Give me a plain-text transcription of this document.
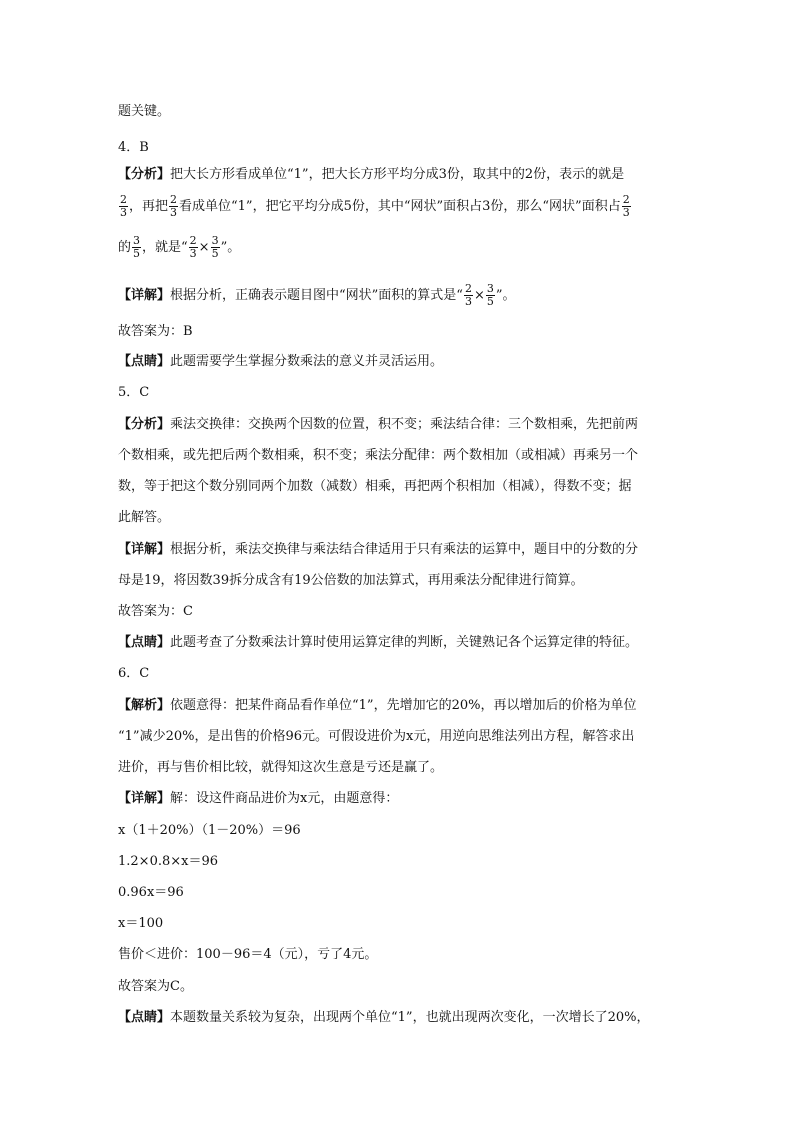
题关键。
4．B
【分析】把大长方形看成单位“1”，把大长方形平均分成3份，取其中的2份，表示的就是
$\frac{2}{3}$ ，再把 $\frac{2}{3}$ 看成单位“1”，把它平均分成5份，其中“网状”面积占3份，那么“网状”面积占 $\frac{2}{3}$
的 $\frac{3}{5}$ ，就是“ $\frac{2}{3} \times \frac{3}{5}$ ”。
【详解】根据分析，正确表示题目图中“网状”面积的算式是“ $\frac{2}{3} \times \frac{3}{5}$ ”。
故答案为：B
【点睛】此题需要学生掌握分数乘法的意义并灵活运用。
5．C
【分析】乘法交换律：交换两个因数的位置，积不变；乘法结合律：三个数相乘，先把前两
个数相乘，或先把后两个数相乘，积不变；乘法分配律：两个数相加（或相减）再乘另一个
数，等于把这个数分别同两个加数（减数）相乘，再把两个积相加（相减），得数不变；据
此解答。
【详解】根据分析，乘法交换律与乘法结合律适用于只有乘法的运算中，题目中的分数的分
母是19，将因数39拆分成含有19公倍数的加法算式，再用乘法分配律进行简算。
故答案为：C
【点睛】此题考查了分数乘法计算时使用运算定律的判断，关键熟记各个运算定律的特征。
6．C
【解析】依题意得：把某件商品看作单位“1”，先增加它的20%，再以增加后的价格为单位
“1”减少20%，是出售的价格96元。可假设进价为x元，用逆向思维法列出方程，解答求出
进价，再与售价相比较，就得知这次生意是亏还是赢了。
【详解】解：设这件商品进价为x元，由题意得：
x（1＋20%）（1－20%）＝96
1.2×0.8×x＝96
0.96x＝96
x＝100
售价＜进价：100－96＝4（元），亏了4元。
故答案为C。
【点睛】本题数量关系较为复杂，出现两个单位“1”，也就出现两次变化，一次增长了20%，
